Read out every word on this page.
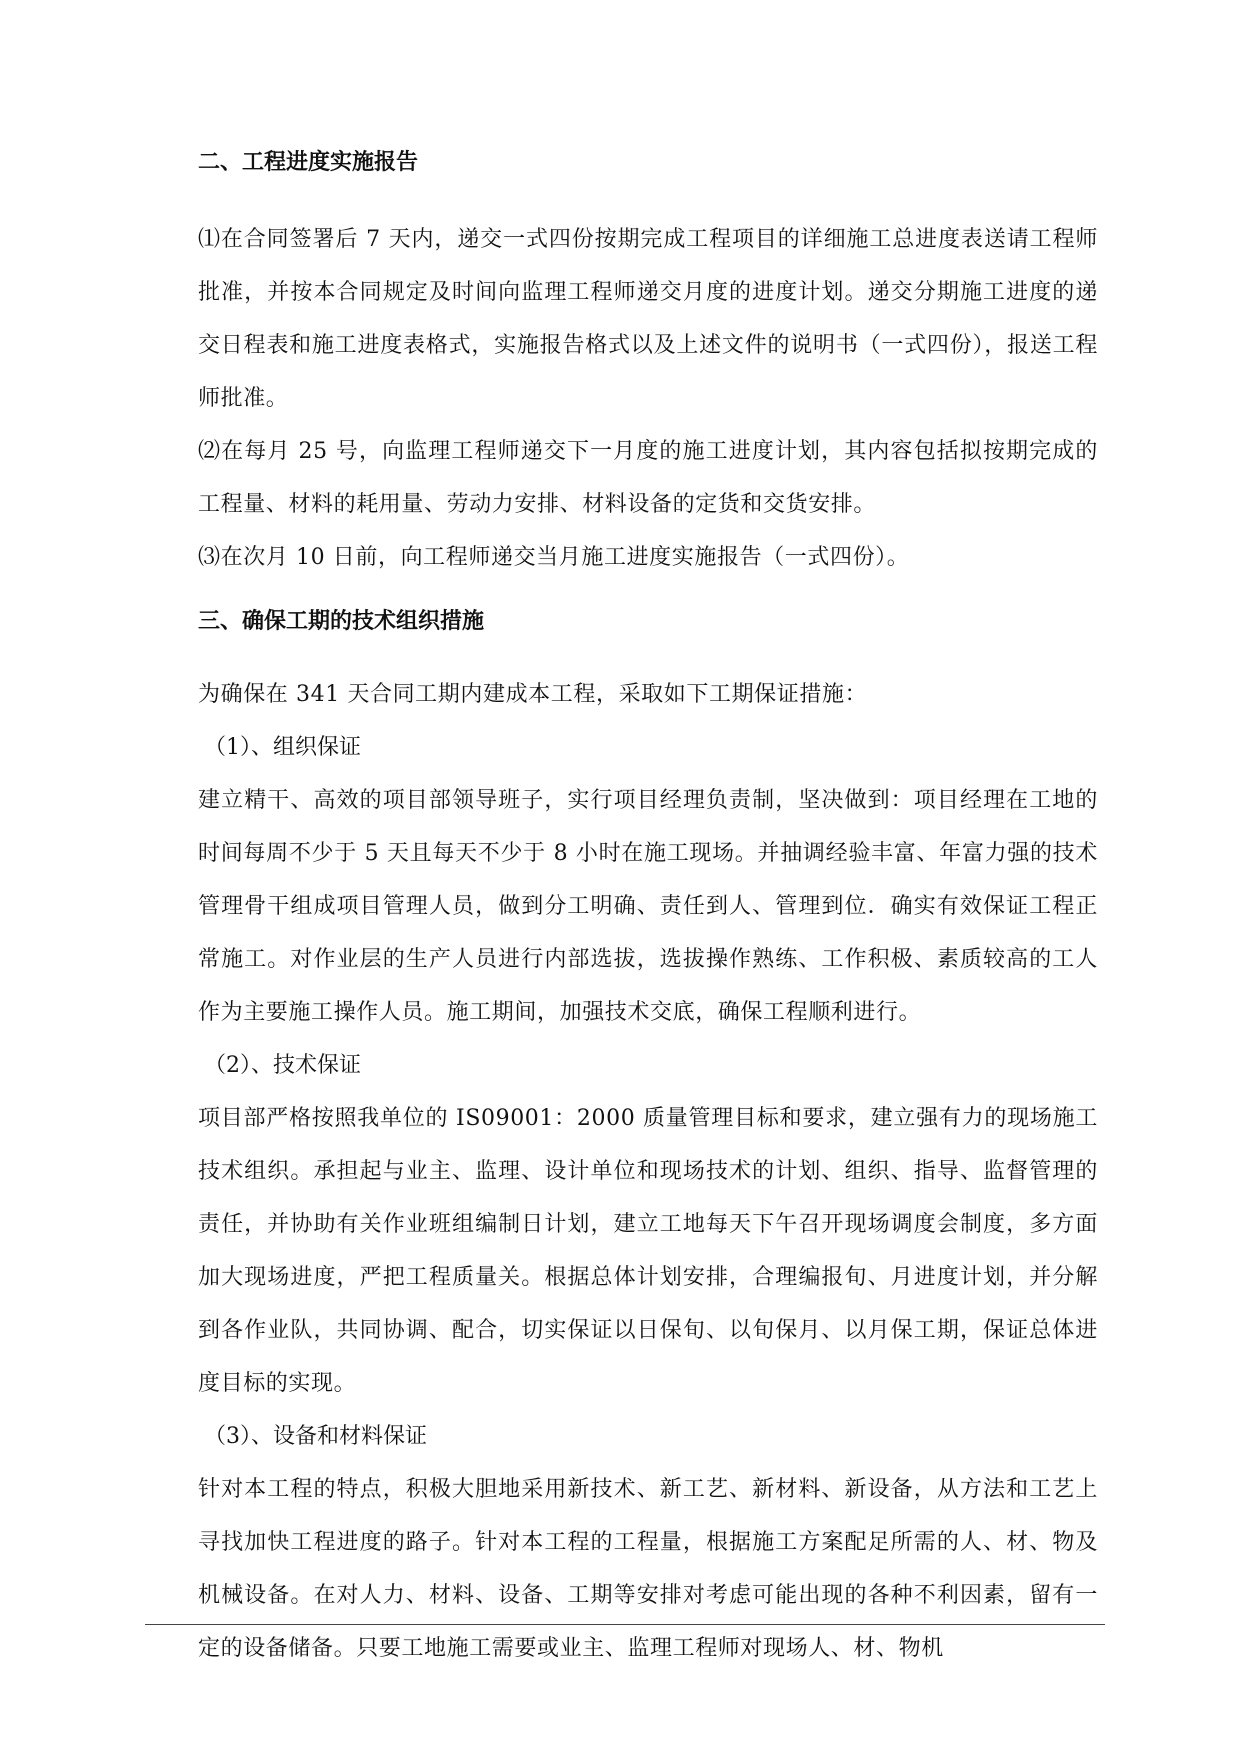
二、工程进度实施报告
⑴在合同签署后 7 天内，递交一式四份按期完成工程项目的详细施工总进度表送请工程师批准，并按本合同规定及时间向监理工程师递交月度的进度计划。递交分期施工进度的递交日程表和施工进度表格式，实施报告格式以及上述文件的说明书（一式四份），报送工程师批准。
⑵在每月 25 号，向监理工程师递交下一月度的施工进度计划，其内容包括拟按期完成的工程量、材料的耗用量、劳动力安排、材料设备的定货和交货安排。
⑶在次月 10 日前，向工程师递交当月施工进度实施报告（一式四份）。
三、确保工期的技术组织措施
为确保在 341 天合同工期内建成本工程，采取如下工期保证措施：
（1）、组织保证
建立精干、高效的项目部领导班子，实行项目经理负责制，坚决做到：项目经理在工地的时间每周不少于 5 天且每天不少于 8 小时在施工现场。并抽调经验丰富、年富力强的技术管理骨干组成项目管理人员，做到分工明确、责任到人、管理到位．确实有效保证工程正常施工。对作业层的生产人员进行内部选拔，选拔操作熟练、工作积极、素质较高的工人作为主要施工操作人员。施工期间，加强技术交底，确保工程顺利进行。
（2）、技术保证
项目部严格按照我单位的 IS09001：2000 质量管理目标和要求，建立强有力的现场施工技术组织。承担起与业主、监理、设计单位和现场技术的计划、组织、指导、监督管理的责任，并协助有关作业班组编制日计划，建立工地每天下午召开现场调度会制度，多方面加大现场进度，严把工程质量关。根据总体计划安排，合理编报旬、月进度计划，并分解到各作业队，共同协调、配合，切实保证以日保旬、以旬保月、以月保工期，保证总体进度目标的实现。
（3）、设备和材料保证
针对本工程的特点，积极大胆地采用新技术、新工艺、新材料、新设备，从方法和工艺上寻找加快工程进度的路子。针对本工程的工程量，根据施工方案配足所需的人、材、物及机械设备。在对人力、材料、设备、工期等安排对考虑可能出现的各种不利因素，留有一定的设备储备。只要工地施工需要或业主、监理工程师对现场人、材、物机
